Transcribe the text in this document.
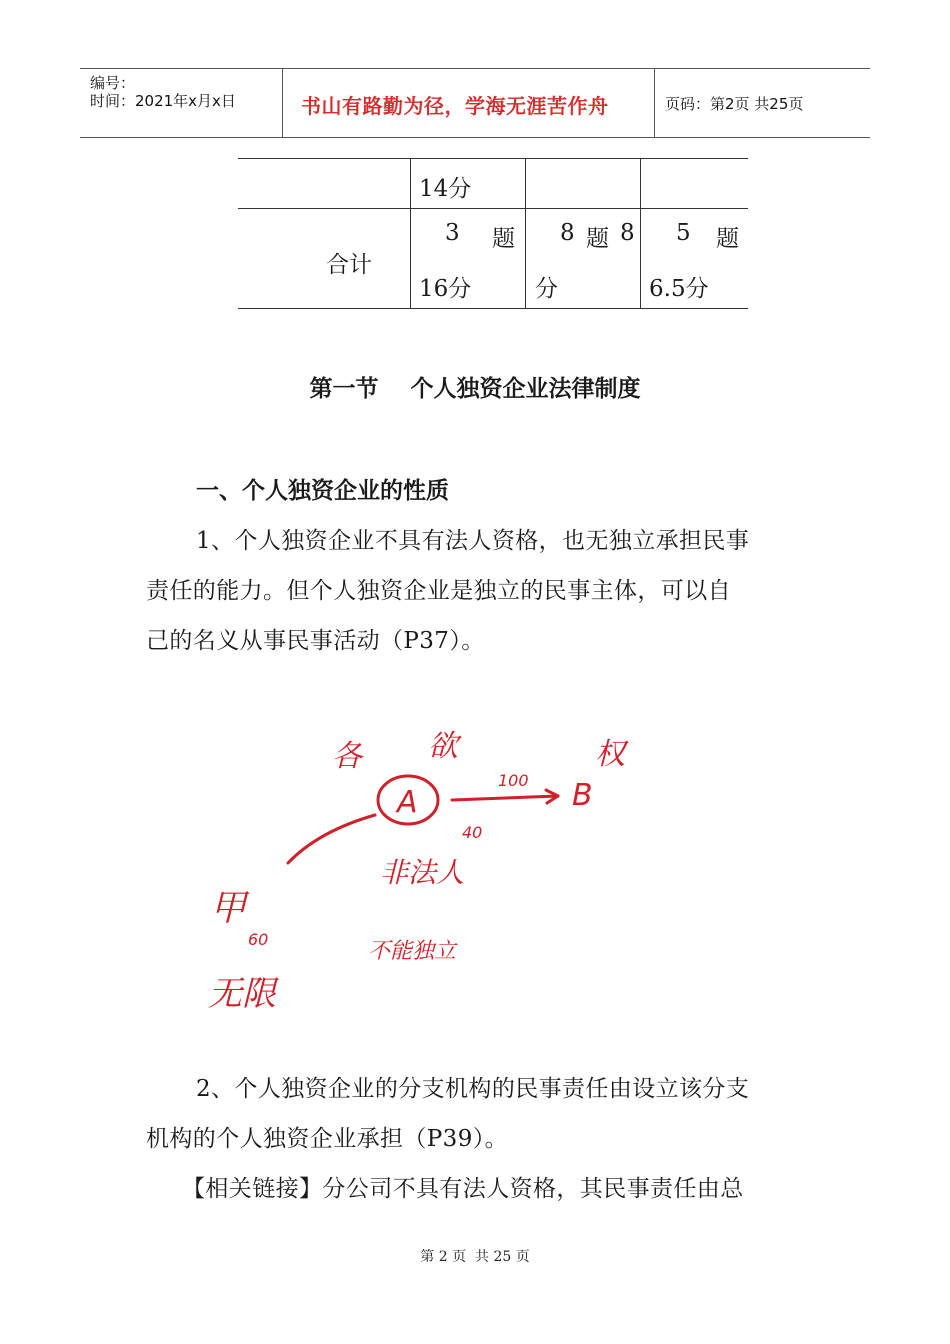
编号：
时间：2021年x月x日	书山有路勤为径，学海无涯苦作舟	页码：第2页 共25页
14分
合计
3 题
16分
8 题 8
分
5 题
6.5分
第一节    个人独资企业法律制度
一、个人独资企业的性质
1、个人独资企业不具有法人资格，也无独立承担民事
责任的能力。但个人独资企业是独立的民事主体，可以自
己的名义从事民事活动（P37）。
各 欲
A
100 B
权
40
非法人
不能独立
甲
60
无限
2、个人独资企业的分支机构的民事责任由设立该分支
机构的个人独资企业承担（P39）。
【相关链接】分公司不具有法人资格，其民事责任由总
第 2 页  共 25 页
